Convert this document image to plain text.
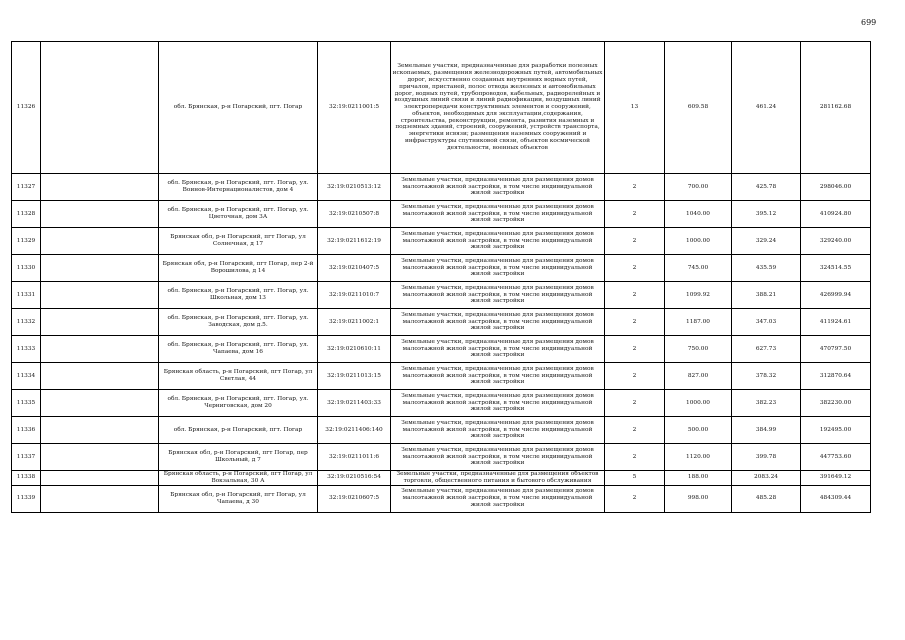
699
11326		обл. Брянская, р-н Погарский, пгт. Погар	32:19:0211001:5	Земельные участки, предназначенные для разработки полезных ископаемых, размещения железнодорожных путей, автомобильных дорог, искусственно созданных внутренних водных путей, причалов, пристаней, полос отвода железных и автомобильных дорог, водных путей, трубопроводов, кабельных, радиорелейных и воздушных линий связи и линий радиофикации, воздушных линий электропередачи конструктивных элементов и сооружений, объектов, необходимых для эксплуатации,содержания, строительства, реконструкции, ремонта, развития наземных и подземных зданий, строений, сооружений, устройств транспорта, энергетики исвязи; размещения наземных сооружений и инфраструктуры спутниковой связи, объектов космической деятельности, военных объектов	13	609.58	461.24	281162.68
11327		обл. Брянская, р-н Погарский, пгт. Погар, ул. Воинов-Интернационалистов, дом 4	32:19:0210513:12	Земельные участки, предназначенные для размещения домов малоэтажной жилой застройки, в том числе индивидуальной жилой застройки	2	700.00	425.78	298046.00
11328		обл. Брянская, р-н Погарский, пгт. Погар, ул. Цветочная, дом 3А	32:19:0210507:8	Земельные участки, предназначенные для размещения домов малоэтажной жилой застройки, в том числе индивидуальной жилой застройки	2	1040.00	395.12	410924.80
11329		Брянская обл, р-н Погарский, пгт Погар, ул Солнечная, д 17	32:19:0211612:19	Земельные участки, предназначенные для размещения домов малоэтажной жилой застройки, в том числе индивидуальной жилой застройки	2	1000.00	329.24	329240.00
11330		Брянская обл, р-н Погарский, пгт Погар, пер 2-й Ворошилова, д 14	32:19:0210407:5	Земельные участки, предназначенные для размещения домов малоэтажной жилой застройки, в том числе индивидуальной жилой застройки	2	745.00	435.59	324514.55
11331		обл. Брянская, р-н Погарский, пгт. Погар, ул. Школьная, дом 13	32:19:0211010:7	Земельные участки, предназначенные для размещения домов малоэтажной жилой застройки, в том числе индивидуальной жилой застройки	2	1099.92	388.21	426999.94
11332		обл. Брянская, р-н Погарский, пгт. Погар, ул. Заводская, дом д.5.	32:19:0211002:1	Земельные участки, предназначенные для размещения домов малоэтажной жилой застройки, в том числе индивидуальной жилой застройки	2	1187.00	347.03	411924.61
11333		обл. Брянская, р-н Погарский, пгт. Погар, ул. Чапаева, дом 16	32:19:0210610:11	Земельные участки, предназначенные для размещения домов малоэтажной жилой застройки, в том числе индивидуальной жилой застройки	2	750.00	627.73	470797.50
11334		Брянская область, р-н Погарский, пгт Погар, ул Светлая, 44	32:19:0211013:15	Земельные участки, предназначенные для размещения домов малоэтажной жилой застройки, в том числе индивидуальной жилой застройки	2	827.00	378.32	312870.64
11335		обл. Брянская, р-н Погарский, пгт. Погар, ул. Черниговская, дом 20	32:19:0211403:33	Земельные участки, предназначенные для размещения домов малоэтажной жилой застройки, в том числе индивидуальной жилой застройки	2	1000.00	382.23	382230.00
11336		обл. Брянская, р-н Погарский, пгт. Погар	32:19:0211406:140	Земельные участки, предназначенные для размещения домов малоэтажной жилой застройки, в том числе индивидуальной жилой застройки	2	500.00	384.99	192495.00
11337		Брянская обл, р-н Погарский, пгт Погар, пер Школьный, д 7	32:19:0211011:6	Земельные участки, предназначенные для размещения домов малоэтажной жилой застройки, в том числе индивидуальной жилой застройки	2	1120.00	399.78	447753.60
11338		Брянская область, р-н Погарский, пгт Погар, ул Вокзальная, 30 А	32:19:0210516:54	Земельные участки, предназначенные для размещения объектов торговли, общественного питания и бытового обслуживания	5	188.00	2083.24	391649.12
11339		Брянская обл, р-н Погарский, пгт Погар, ул Чапаева, д 30	32:19:0210607:5	Земельные участки, предназначенные для размещения домов малоэтажной жилой застройки, в том числе индивидуальной жилой застройки	2	998.00	485.28	484309.44
